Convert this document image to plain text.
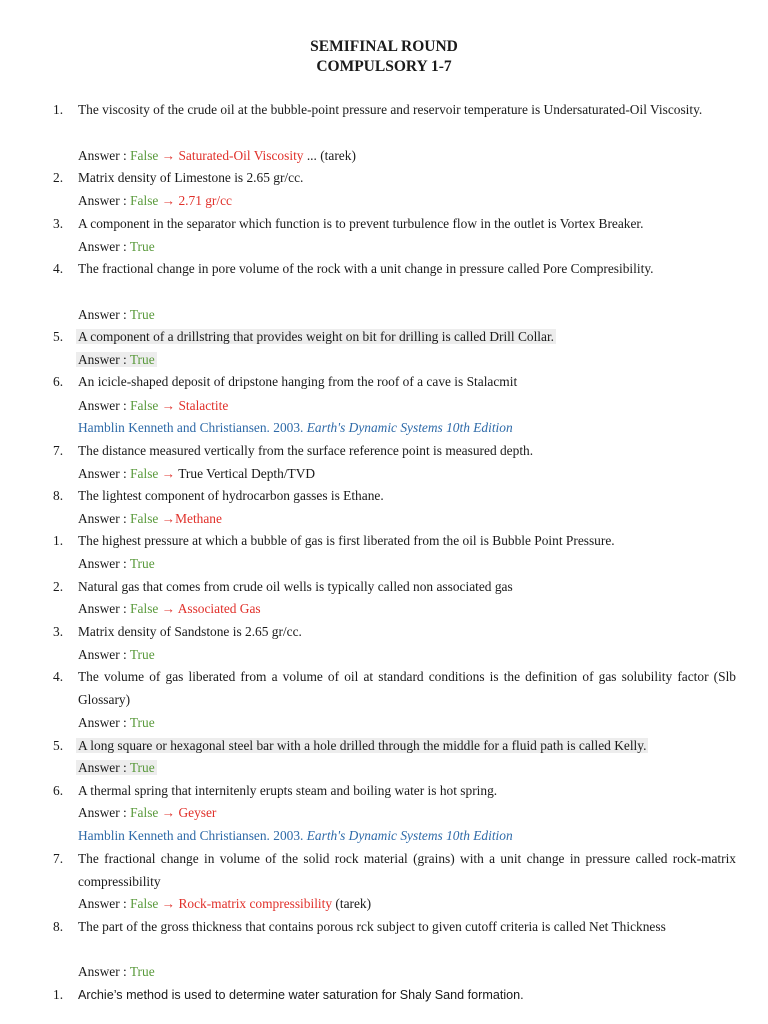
SEMIFINAL ROUND
COMPULSORY 1-7
1.	The viscosity of the crude oil at the bubble-point pressure and reservoir temperature is Undersaturated-Oil Viscosity.
Answer : False → Saturated-Oil Viscosity ... (tarek)
2.	Matrix density of Limestone is 2.65 gr/cc.
Answer : False → 2.71 gr/cc
3.	A component in the separator which function is to prevent turbulence flow in the outlet is Vortex Breaker.
Answer : True
4.	The fractional change in pore volume of the rock with a unit change in pressure called Pore Compresibility.
Answer : True
5.	A component of a drillstring that provides weight on bit for drilling is called Drill Collar.
Answer : True
6.	An icicle-shaped deposit of dripstone hanging from the roof of a cave is Stalacmit
Answer : False → Stalactite
Hamblin Kenneth and Christiansen. 2003. Earth's Dynamic Systems 10th Edition
7.	The distance measured vertically from the surface reference point is measured depth.
Answer : False → True Vertical Depth/TVD
8.	The lightest component of hydrocarbon gasses is Ethane.
Answer : False →Methane
1.	The highest pressure at which a bubble of gas is first liberated from the oil is Bubble Point Pressure.
Answer : True
2.	Natural gas that comes from crude oil wells is typically called non associated gas
Answer : False → Associated Gas
3.	Matrix density of Sandstone is 2.65 gr/cc.
Answer : True
4.	The volume of gas liberated from a volume of oil at standard conditions is the definition of gas solubility factor (Slb Glossary)
Answer : True
5.	A long square or hexagonal steel bar with a hole drilled through the middle for a fluid path is called Kelly.
Answer : True
6.	A thermal spring that internitenly erupts steam and boiling water is hot spring.
Answer : False → Geyser
Hamblin Kenneth and Christiansen. 2003. Earth's Dynamic Systems 10th Edition
7.	The fractional change in volume of the solid rock material (grains) with a unit change in pressure called rock-matrix compressibility
Answer : False → Rock-matrix compressibility (tarek)
8.	The part of the gross thickness that contains porous rck subject to given cutoff criteria is called Net Thickness
Answer : True
1.	Archie’s method is used to determine water saturation for Shaly Sand formation.
